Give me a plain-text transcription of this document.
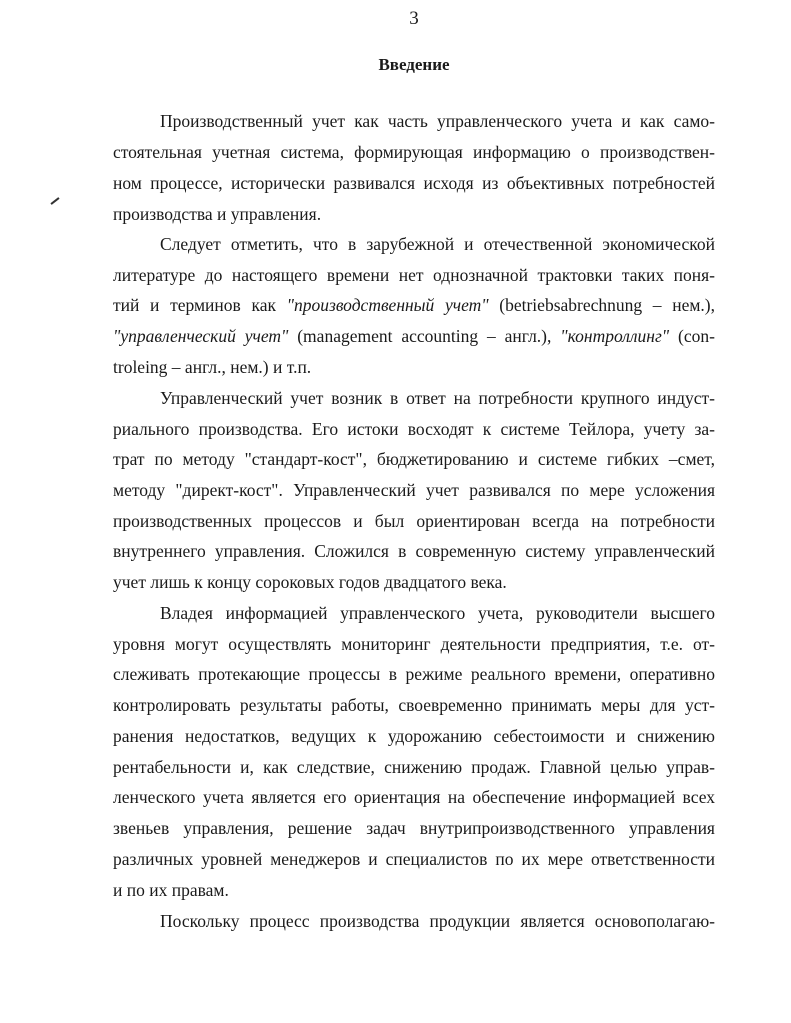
3
Введение
Производственный учет как часть управленческого учета и как само-
стоятельная учетная система, формирующая информацию о производствен-
ном процессе, исторически развивался исходя из объективных потребностей
производства и управления.
Следует отметить, что в зарубежной и отечественной экономической
литературе до настоящего времени нет однозначной трактовки таких поня-
тий и терминов как "производственный учет" (betriebsabrechnung – нем.),
"управленческий учет" (management accounting – англ.), "контроллинг" (con-
troleing – англ., нем.) и т.п.
Управленческий учет возник в ответ на потребности крупного индуст-
риального производства. Его истоки восходят к системе Тейлора, учету за-
трат по методу "стандарт-кост", бюджетированию и системе гибких –смет,
методу "директ-кост". Управленческий учет развивался по мере усложения
производственных процессов и был ориентирован всегда на потребности
внутреннего управления. Сложился в современную систему управленческий
учет лишь к концу сороковых годов двадцатого века.
Владея информацией управленческого учета, руководители высшего
уровня могут осуществлять мониторинг деятельности предприятия, т.е. от-
слеживать протекающие процессы в режиме реального времени, оперативно
контролировать результаты работы, своевременно принимать меры для уст-
ранения недостатков, ведущих к удорожанию себестоимости и снижению
рентабельности и, как следствие, снижению продаж. Главной целью управ-
ленческого учета является его ориентация на обеспечение информацией всех
звеньев управления, решение задач внутрипроизводственного управления
различных уровней менеджеров и специалистов по их мере ответственности
и по их правам.
Поскольку процесс производства продукции является основополагаю-
